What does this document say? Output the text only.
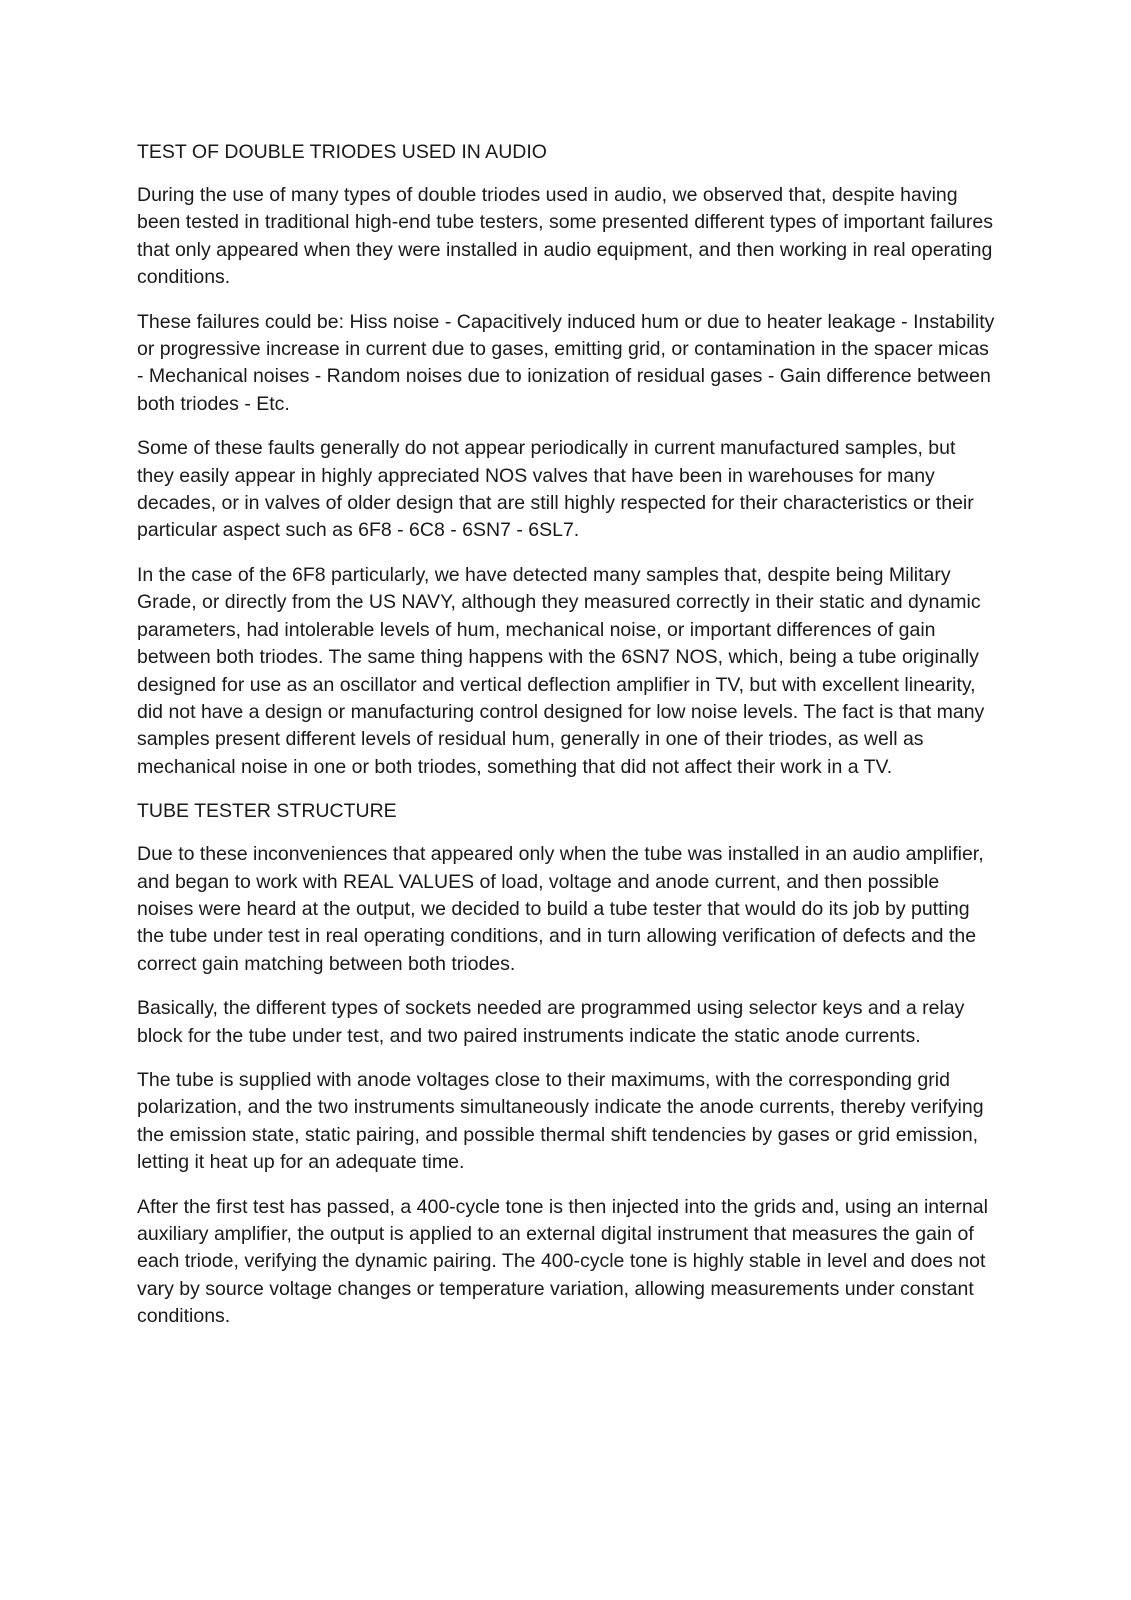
TEST OF DOUBLE TRIODES USED IN AUDIO

During the use of many types of double triodes used in audio, we observed that, despite having been tested in traditional high-end tube testers, some presented different types of important failures that only appeared when they were installed in audio equipment, and then working in real operating conditions.

These failures could be: Hiss noise - Capacitively induced hum or due to heater leakage - Instability or progressive increase in current due to gases, emitting grid, or contamination in the spacer micas - Mechanical noises - Random noises due to ionization of residual gases - Gain difference between both triodes - Etc.

Some of these faults generally do not appear periodically in current manufactured samples, but they easily appear in highly appreciated NOS valves that have been in warehouses for many decades, or in valves of older design that are still highly respected for their characteristics or their particular aspect such as 6F8 - 6C8 - 6SN7 - 6SL7.

In the case of the 6F8 particularly, we have detected many samples that, despite being Military Grade, or directly from the US NAVY, although they measured correctly in their static and dynamic parameters, had intolerable levels of hum, mechanical noise, or important differences of gain between both triodes. The same thing happens with the 6SN7 NOS, which, being a tube originally designed for use as an oscillator and vertical deflection amplifier in TV, but with excellent linearity, did not have a design or manufacturing control designed for low noise levels. The fact is that many samples present different levels of residual hum, generally in one of their triodes, as well as mechanical noise in one or both triodes, something that did not affect their work in a TV.

TUBE TESTER STRUCTURE

Due to these inconveniences that appeared only when the tube was installed in an audio amplifier, and began to work with REAL VALUES of load, voltage and anode current, and then possible noises were heard at the output, we decided to build a tube tester that would do its job by putting the tube under test in real operating conditions, and in turn allowing verification of defects and the correct gain matching between both triodes.

Basically, the different types of sockets needed are programmed using selector keys and a relay block for the tube under test, and two paired instruments indicate the static anode currents.

The tube is supplied with anode voltages close to their maximums, with the corresponding grid polarization, and the two instruments simultaneously indicate the anode currents, thereby verifying the emission state, static pairing, and possible thermal shift tendencies by gases or grid emission, letting it heat up for an adequate time.

After the first test has passed, a 400-cycle tone is then injected into the grids and, using an internal auxiliary amplifier, the output is applied to an external digital instrument that measures the gain of each triode, verifying the dynamic pairing. The 400-cycle tone is highly stable in level and does not vary by source voltage changes or temperature variation, allowing measurements under constant conditions.
